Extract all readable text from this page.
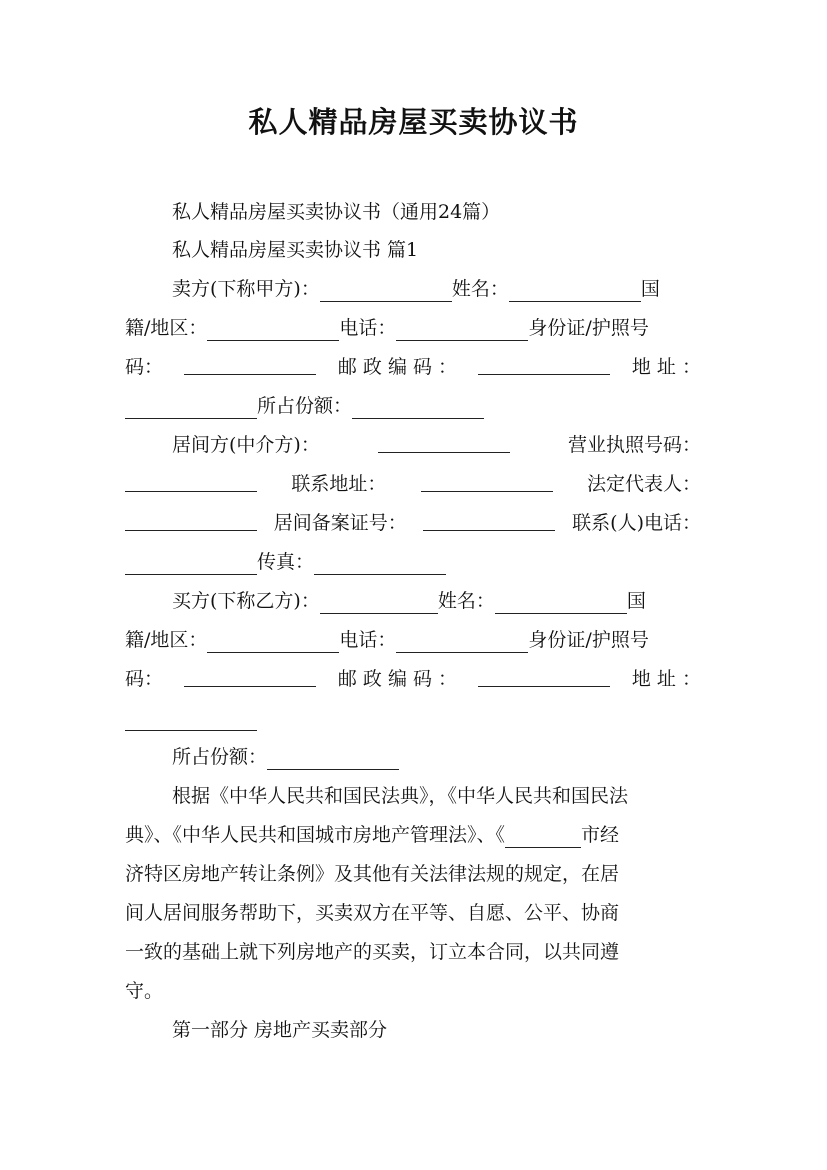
私人精品房屋买卖协议书
私人精品房屋买卖协议书（通用24篇）
私人精品房屋买卖协议书 篇1
卖方(下称甲方)：	姓名：	国
籍/地区：	电话：	身份证/护照号
码：	邮 政 编 码 ：	地 址 ：
所占份额：
居间方(中介方)：	营业执照号码：
联系地址：	法定代表人：
居间备案证号：	联系(人)电话：
传真：
买方(下称乙方)：	姓名：	国
籍/地区：	电话：	身份证/护照号
码：	邮 政 编 码 ：	地 址 ：
所占份额：
根据《中华人民共和国民法典》，《中华人民共和国民法
典》、《中华人民共和国城市房地产管理法》、《	市经
济特区房地产转让条例》及其他有关法律法规的规定，在居
间人居间服务帮助下，买卖双方在平等、自愿、公平、协商
一致的基础上就下列房地产的买卖，订立本合同，以共同遵
守。
第一部分 房地产买卖部分
